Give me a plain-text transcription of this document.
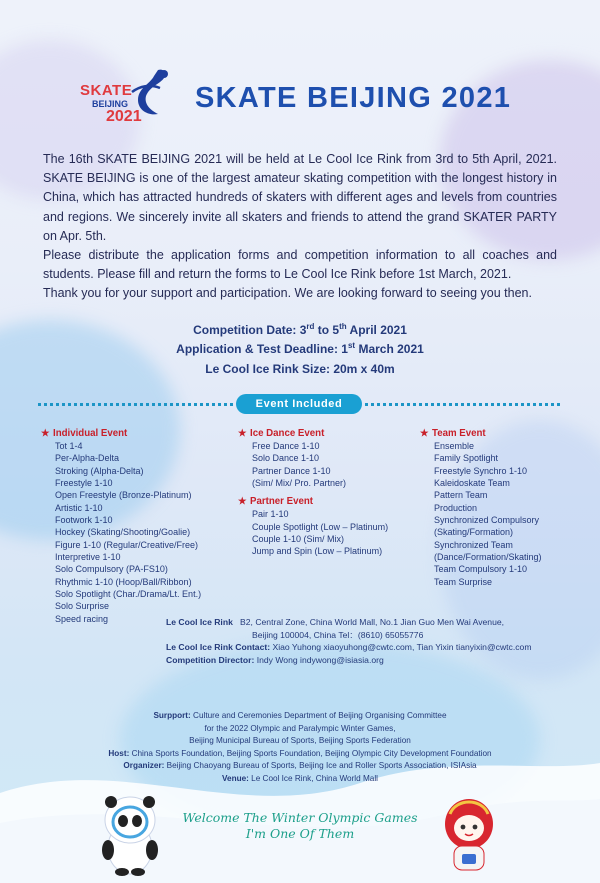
SKATE
BEIJING
2021
SKATE BEIJING 2021

The 16th SKATE BEIJING 2021 will be held at Le Cool Ice Rink from 3rd to 5th April, 2021. SKATE BEIJING is one of the largest amateur skating competition with the longest history in China, which has attracted hundreds of skaters with different ages and levels from countries and regions. We sincerely invite all skaters and friends to attend the grand SKATER PARTY on Apr. 5th.

Please distribute the application forms and competition information to all coaches and students. Please fill and return the forms to Le Cool Ice Rink before 1st March, 2021.

Thank you for your support and participation. We are looking forward to seeing you then.

Competition Date: 3rd to 5th April 2021
Application & Test Deadline: 1st March 2021
Le Cool Ice Rink Size: 20m x 40m
Event Included
★ Individual Event
Tot 1-4
Per-Alpha-Delta
Stroking (Alpha-Delta)
Freestyle 1-10
Open Freestyle (Bronze-Platinum)
Artistic 1-10
Footwork 1-10
Hockey (Skating/Shooting/Goalie)
Figure 1-10 (Regular/Creative/Free)
Interpretive 1-10
Solo Compulsory (PA-FS10)
Rhythmic 1-10 (Hoop/Ball/Ribbon)
Solo Spotlight (Char./Drama/Lt. Ent.)
Solo Surprise
Speed racing
★ Ice Dance Event
Free Dance 1-10
Solo Dance 1-10
Partner Dance 1-10
(Sim/ Mix/ Pro. Partner)
★ Partner Event
Pair 1-10
Couple Spotlight (Low – Platinum)
Couple 1-10 (Sim/ Mix)
Jump and Spin (Low – Platinum)
★ Team Event
Ensemble
Family Spotlight
Freestyle Synchro 1-10
Kaleidoskate Team
Pattern Team
Production
Synchronized Compulsory
(Skating/Formation)
Synchronized Team
(Dance/Formation/Skating)
Team Compulsory 1-10
Team Surprise
Le Cool Ice Rink B2, Central Zone, China World Mall, No.1 Jian Guo Men Wai Avenue,
Beijing 100004, China Tel：(8610) 65055776
Le Cool Ice Rink Contact: Xiao Yuhong xiaoyuhong@cwtc.com, Tian Yixin tianyixin@cwtc.com
Competition Director: Indy Wong indywong@isiasia.org
Surpport: Culture and Ceremonies Department of Beijing Organising Committee
for the 2022 Olympic and Paralympic Winter Games,
Beijing Municipal Bureau of Sports, Beijing Sports Federation
Host: China Sports Foundation, Beijing Sports Foundation, Beijing Olympic City Development Foundation
Organizer: Beijing Chaoyang Bureau of Sports, Beijing Ice and Roller Sports Association, ISIAsia
Venue: Le Cool Ice Rink, China World Mall
Welcome The Winter Olympic Games
I'm One Of Them
